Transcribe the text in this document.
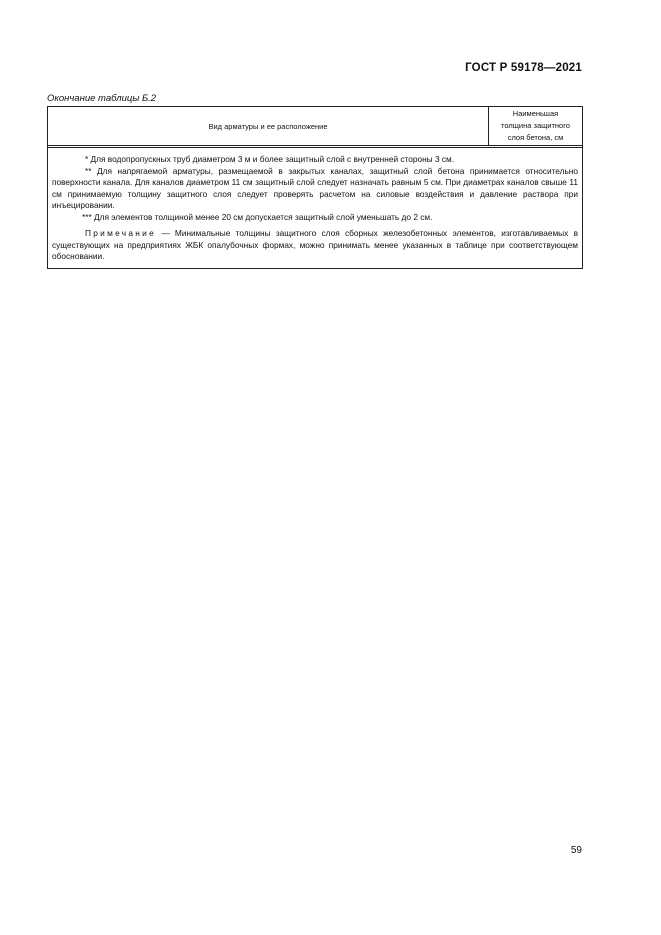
ГОСТ Р 59178—2021
Окончание таблицы Б.2
Вид арматуры и ее расположение
Наименьшая
толщина защитного
слоя бетона, см

* Для водопропускных труб диаметром 3 м и более защитный слой с внутренней стороны 3 см.

** Для напрягаемой арматуры, размещаемой в закрытых каналах, защитный слой бетона принимается относительно поверхности канала. Для каналов диаметром 11 см защитный слой следует назначать равным 5 см. При диаметрах каналов свыше 11 см принимаемую толщину защитного слоя следует проверять расчетом на силовые воздействия и давление раствора при инъецировании.

*** Для элементов толщиной менее 20 см допускается защитный слой уменьшать до 2 см.

Примечание — Минимальные толщины защитного слоя сборных железобетонных элементов, изготавливаемых в существующих на предприятиях ЖБК опалубочных формах, можно принимать менее указанных в таблице при соответствующем обосновании.

59
